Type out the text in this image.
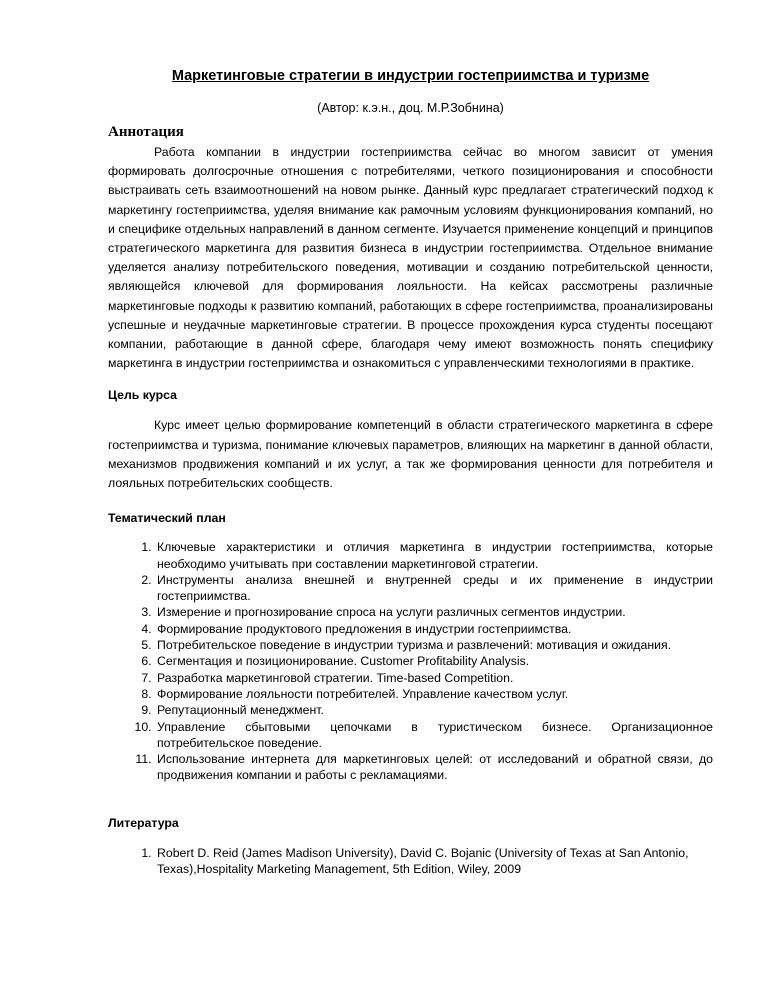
Маркетинговые стратегии в индустрии гостеприимства и туризме
(Автор: к.э.н., доц. М.Р.Зобнина)
Аннотация

Работа компании в индустрии гостеприимства сейчас во многом зависит от умения формировать долгосрочные отношения с потребителями, четкого позиционирования и способности выстраивать сеть взаимоотношений на новом рынке. Данный курс предлагает стратегический подход к маркетингу гостеприимства, уделяя внимание как рамочным условиям функционирования компаний, но и специфике отдельных направлений в данном сегменте. Изучается применение концепций и принципов стратегического маркетинга для развития бизнеса в индустрии гостеприимства. Отдельное внимание уделяется анализу потребительского поведения, мотивации и созданию потребительской ценности, являющейся ключевой для формирования лояльности. На кейсах рассмотрены различные маркетинговые подходы к развитию компаний, работающих в сфере гостеприимства, проанализированы успешные и неудачные маркетинговые стратегии. В процессе прохождения курса студенты посещают компании, работающие в данной сфере, благодаря чему имеют возможность понять специфику маркетинга в индустрии гостеприимства и ознакомиться с управленческими технологиями в практике.

Цель курса

Курс имеет целью формирование компетенций в области стратегического маркетинга в сфере гостеприимства и туризма, понимание ключевых параметров, влияющих на маркетинг в данной области, механизмов продвижения компаний и их услуг, а так же формирования ценности для потребителя и лояльных потребительских сообществ.

Тематический план
1. Ключевые характеристики и отличия маркетинга в индустрии гостеприимства, которые необходимо учитывать при составлении маркетинговой стратегии.
2. Инструменты анализа внешней и внутренней среды и их применение в индустрии гостеприимства.
3. Измерение и прогнозирование спроса на услуги различных сегментов индустрии.
4. Формирование продуктового предложения в индустрии гостеприимства.
5. Потребительское поведение в индустрии туризма и развлечений: мотивация и ожидания.
6. Сегментация и позиционирование. Customer Profitability Analysis.
7. Разработка маркетинговой стратегии. Time-based Competition.
8. Формирование лояльности потребителей. Управление качеством услуг.
9. Репутационный менеджмент.
10. Управление сбытовыми цепочками в туристическом бизнесе. Организационное потребительское поведение.
11. Использование интернета для маркетинговых целей: от исследований и обратной связи, до продвижения компании и работы с рекламациями.
Литература
1. Robert D. Reid (James Madison University), David C. Bojanic (University of Texas at San Antonio, Texas),Hospitality Marketing Management, 5th Edition, Wiley, 2009
